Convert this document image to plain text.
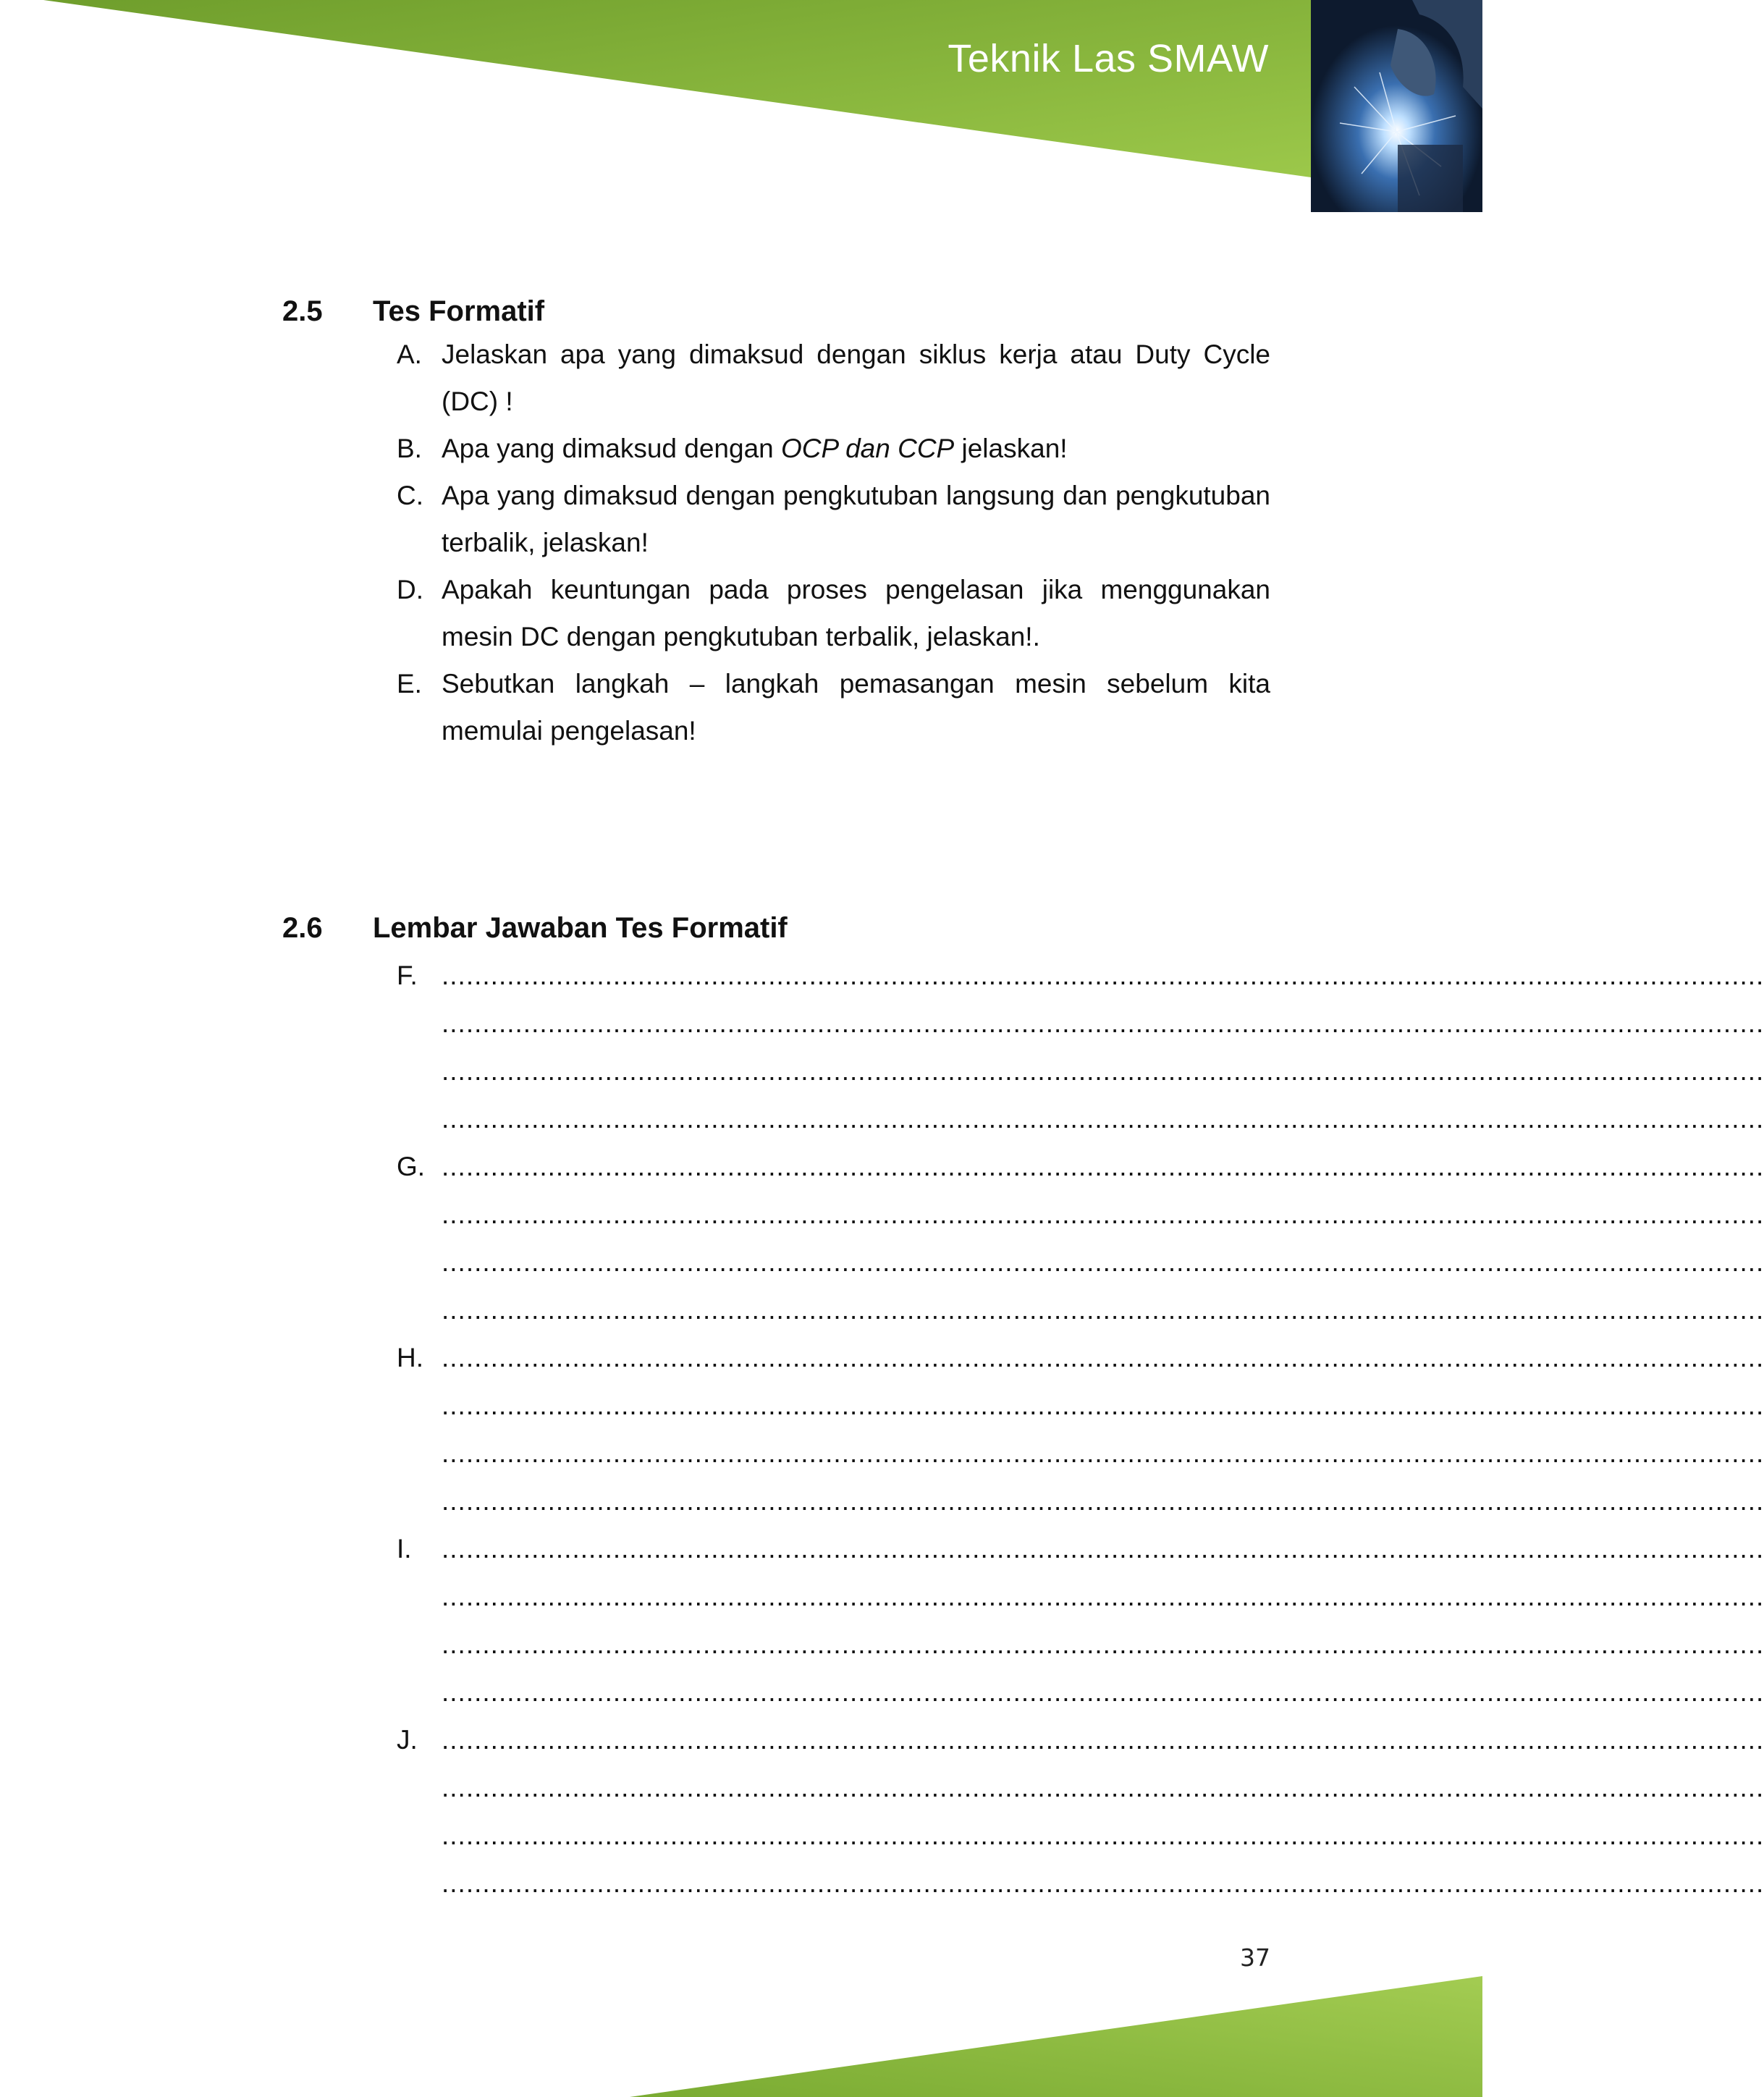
Teknik Las SMAW
2.5 Tes Formatif
A. Jelaskan apa yang dimaksud dengan siklus kerja atau Duty Cycle (DC) !
B. Apa yang dimaksud dengan OCP dan CCP jelaskan!
C. Apa yang dimaksud dengan pengkutuban langsung dan pengkutuban terbalik, jelaskan!
D. Apakah keuntungan pada proses pengelasan jika menggunakan mesin DC dengan pengkutuban terbalik, jelaskan!.
E. Sebutkan langkah – langkah pemasangan mesin sebelum kita memulai pengelasan!
2.6 Lembar Jawaban Tes Formatif
F. ..................................................................................................................................................................
..................................................................................................................................................................
..................................................................................................................................................................
..................................................................................................................................................................
G. ..................................................................................................................................................................
..................................................................................................................................................................
..................................................................................................................................................................
..................................................................................................................................................................
H. ..................................................................................................................................................................
..................................................................................................................................................................
..................................................................................................................................................................
..................................................................................................................................................................
I.	..................................................................................................................................................................
..................................................................................................................................................................
..................................................................................................................................................................
..................................................................................................................................................................
J. ..................................................................................................................................................................
..................................................................................................................................................................
..................................................................................................................................................................
..................................................................................................................................................................
37
